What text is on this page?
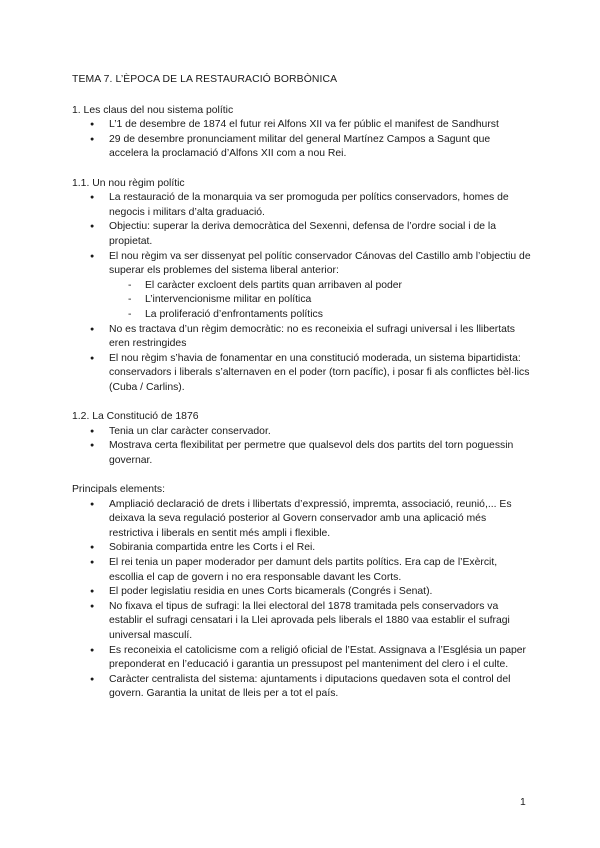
TEMA 7. L’ÈPOCA DE LA RESTAURACIÓ BORBÒNICA
1. Les claus del nou sistema polític
● L’1 de desembre de 1874 el futur rei Alfons XII va fer públic el manifest de Sandhurst
● 29 de desembre pronunciament militar del general Martínez Campos a Sagunt que accelera la proclamació d’Alfons XII com a nou Rei.
1.1. Un nou règim polític
● La restauració de la monarquia va ser promoguda per polítics conservadors, homes de negocis i militars d’alta graduació.
● Objectiu: superar la deriva democràtica del Sexenni, defensa de l’ordre social i de la propietat.
● El nou règim va ser dissenyat pel polític conservador Cánovas del Castillo amb l’objectiu de superar els problemes del sistema liberal anterior:
- El caràcter excloent dels partits quan arribaven al poder
- L’intervencionisme militar en política
- La proliferació d’enfrontaments polítics
● No es tractava d’un règim democràtic: no es reconeixia el sufragi universal i les llibertats eren restringides
● El nou règim s’havia de fonamentar en una constitució moderada, un sistema bipartidista: conservadors i liberals s’alternaven en el poder (torn pacífic), i posar fi als conflictes bèl·lics (Cuba / Carlins).
1.2. La Constitució de 1876
● Tenia un clar caràcter conservador.
● Mostrava certa flexibilitat per permetre que qualsevol dels dos partits del torn poguessin governar.
Principals elements:
● Ampliació declaració de drets i llibertats d’expressió, impremta, associació, reunió,... Es deixava la seva regulació posterior al Govern conservador amb una aplicació més restrictiva i liberals en sentit més ampli i flexible.
● Sobirania compartida entre les Corts i el Rei.
● El rei tenia un paper moderador per damunt dels partits polítics. Era cap de l’Exèrcit, escollia el cap de govern i no era responsable davant les Corts.
● El poder legislatiu residia en unes Corts bicamerals (Congrés i Senat).
● No fixava el tipus de sufragi: la llei electoral del 1878 tramitada pels conservadors va establir el sufragi censatari i la Llei aprovada pels liberals el 1880 vaa establir el sufragi universal masculí.
● Es reconeixia el catolicisme com a religió oficial de l’Estat. Assignava a l’Església un paper preponderat en l’educació i garantia un pressupost pel manteniment del clero i el culte.
● Caràcter centralista del sistema: ajuntaments i diputacions quedaven sota el control del govern. Garantia la unitat de lleis per a tot el país.
1
